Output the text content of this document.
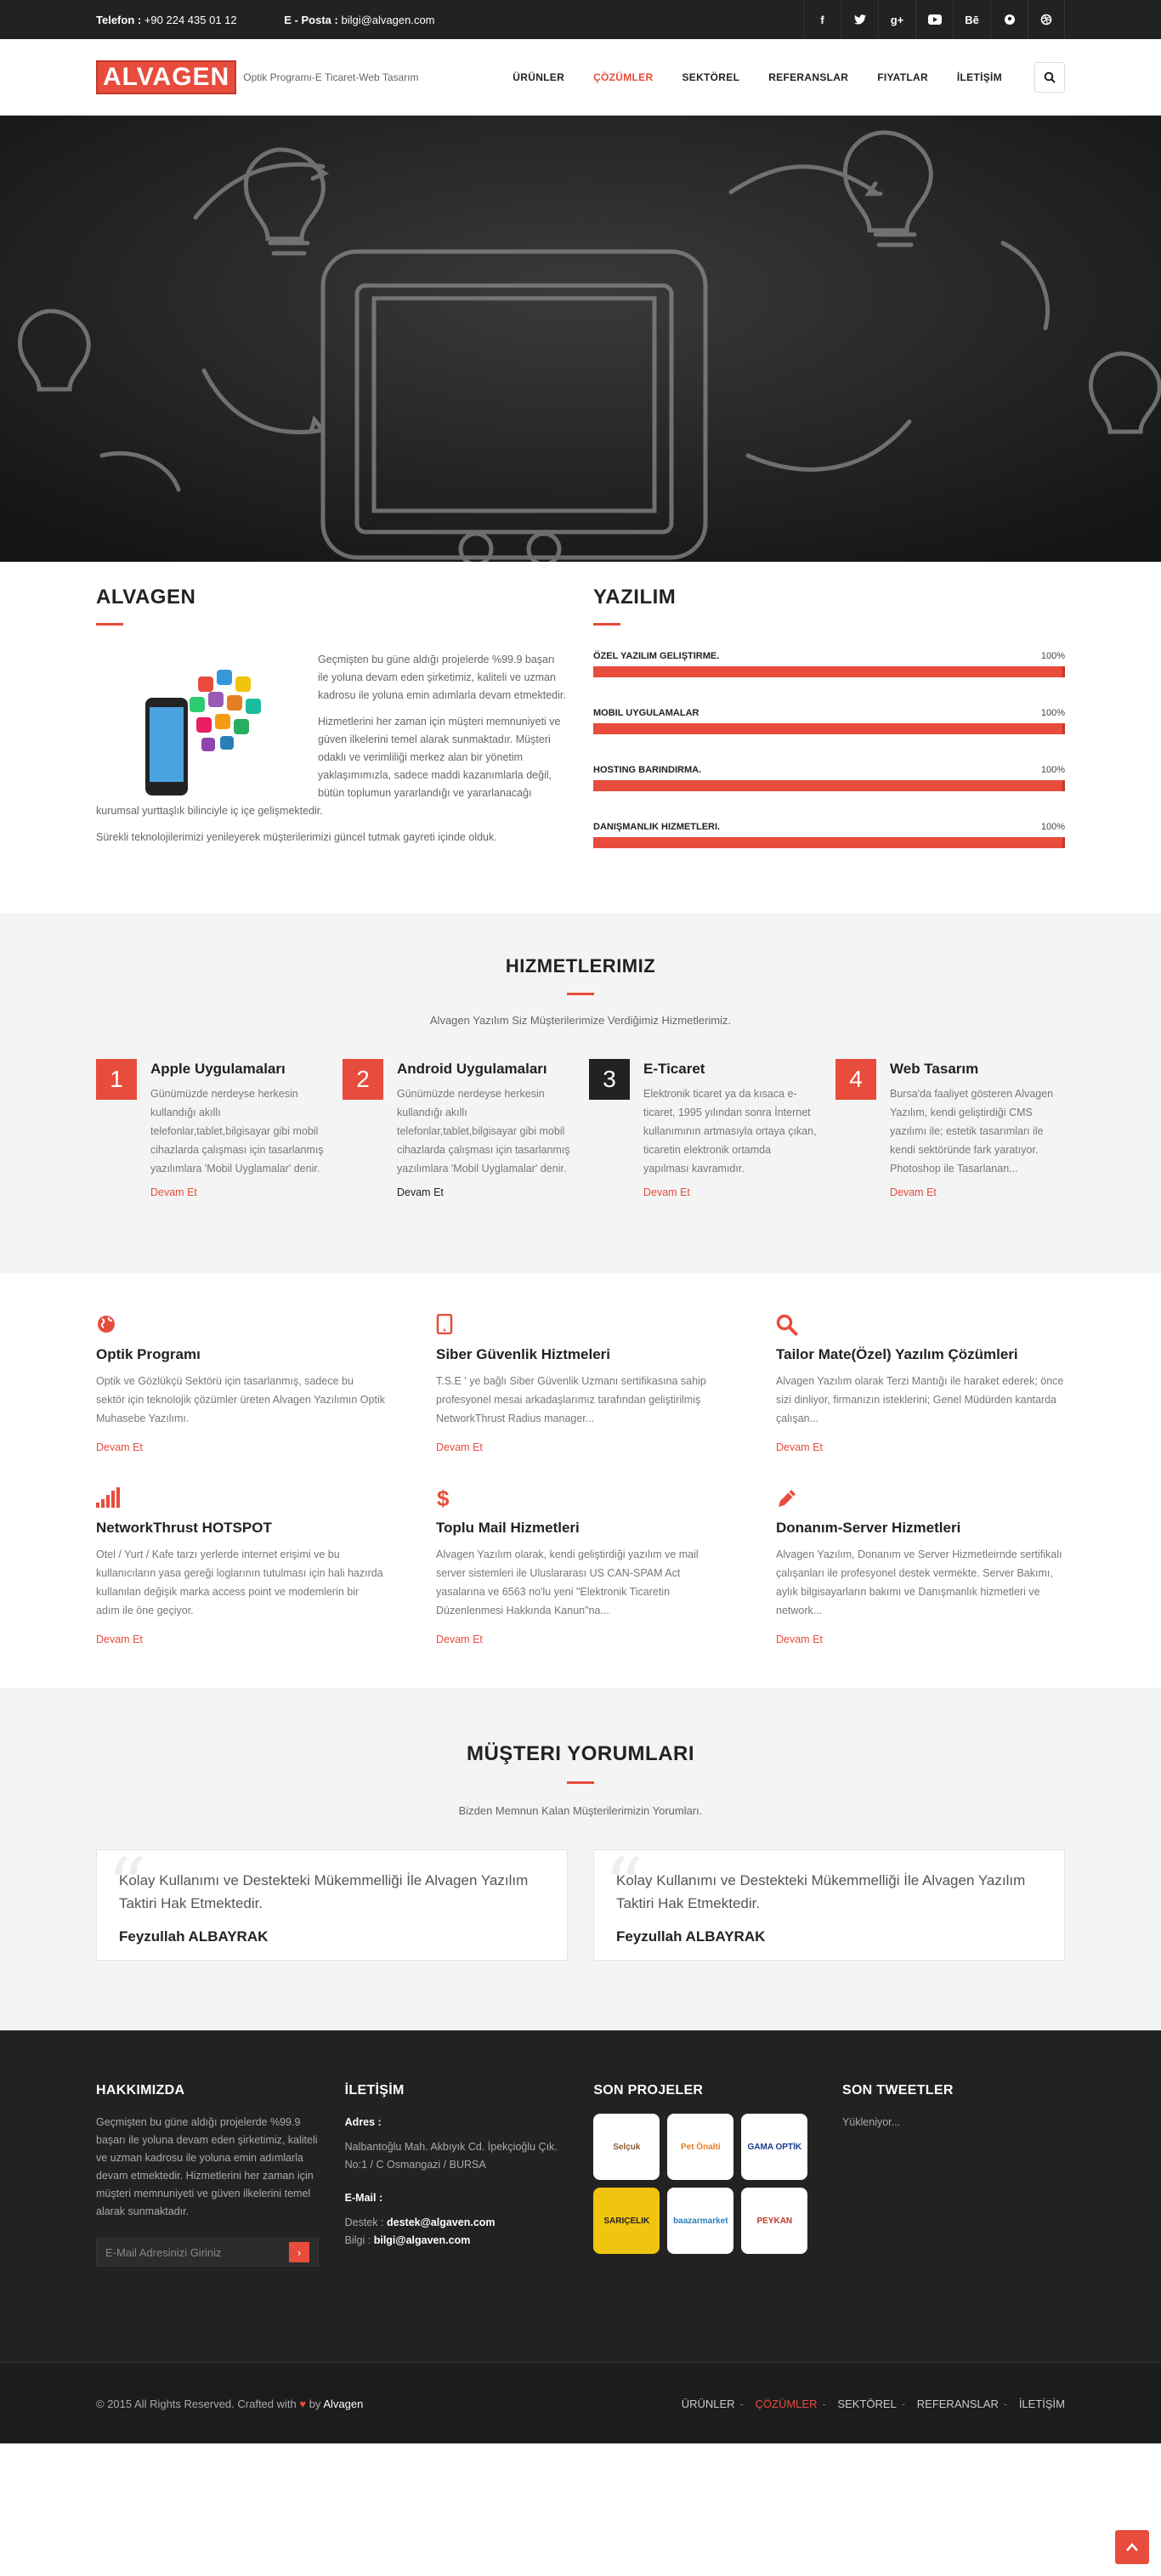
Telefon : +90 224 435 01 12	E - Posta : bilgi@alvagen.com	f	g+	Bē
ALVAGEN	Optik Programı-E Ticaret-Web Tasarım	ÜRÜNLER	ÇÖZÜMLER	SEKTÖREL	REFERANSLAR	FIYATLAR	İLETİŞİM
ALVAGEN

Geçmişten bu güne aldığı projelerde %99.9 başarı ile yoluna devam eden şirketimiz, kaliteli ve uzman kadrosu ile yoluna emin adımlarla devam etmektedir.

Hizmetlerini her zaman için müşteri memnuniyeti ve güven ilkelerini temel alarak sunmaktadır. Müşteri odaklı ve verimliliği merkez alan bir yönetim yaklaşımımızla, sadece maddi kazanımlarla değil, bütün toplumun yararlandığı ve yararlanacağı kurumsal yurttaşlık bilinciyle iç içe gelişmektedir.

Sürekli teknolojilerimizi yenileyerek müşterilerimizi güncel tutmak gayreti içinde olduk.

YAZILIM
ÖZEL YAZILIM GELIŞTIRME.	100%
MOBIL UYGULAMALAR	100%
HOSTING BARINDIRMA.	100%
DANIŞMANLIK HIZMETLERI.	100%
HIZMETLERIMIZ
Alvagen Yazılım Siz Müşterilerimize Verdiğimiz Hizmetlerimiz.
1	Apple Uygulamaları

Günümüzde nerdeyse herkesin kullandığı akıllı telefonlar,tablet,bilgisayar gibi mobil cihazlarda çalışması için tasarlanmış yazılımlara 'Mobil Uyglamalar' denir.

Devam Et
2	Android Uygulamaları

Günümüzde nerdeyse herkesin kullandığı akıllı telefonlar,tablet,bilgisayar gibi mobil cihazlarda çalışması için tasarlanmış yazılımlara 'Mobil Uyglamalar' denir.

Devam Et
3	E-Ticaret

Elektronik ticaret ya da kısaca e-ticaret, 1995 yılından sonra İnternet kullanımının artmasıyla ortaya çıkan, ticaretin elektronik ortamda yapılması kavramıdır.

Devam Et
4	Web Tasarım

Bursa'da faaliyet gösteren Alvagen Yazılım, kendi geliştirdiği CMS yazılımı ile; estetik tasarımları ile kendi sektöründe fark yaratıyor. Photoshop ile Tasarlanan...

Devam Et
Optik Programı

Optik ve Gözlükçü Sektörü için tasarlanmış, sadece bu sektör için teknolojik çözümler üreten Alvagen Yazılımın Optik Muhasebe Yazılımı.

Devam Et
Siber Güvenlik Hiztmeleri

T.S.E ' ye bağlı Siber Güvenlik Uzmanı sertifikasına sahip profesyonel mesai arkadaşlarımız tarafından geliştirilmiş NetworkThrust Radius manager...

Devam Et
Tailor Mate(Özel) Yazılım Çözümleri

Alvagen Yazılım olarak Terzi Mantığı ile haraket ederek; önce sizi dinliyor, firmanızın isteklerini; Genel Müdürden kantarda çalışan...

Devam Et
NetworkThrust HOTSPOT

Otel / Yurt / Kafe tarzı yerlerde internet erişimi ve bu kullanıcıların yasa gereği loglarının tutulması için hali hazırda kullanılan değişik marka access point ve modemlerin bir adım ile öne geçiyor.

Devam Et
$
Toplu Mail Hizmetleri

Alvagen Yazılım olarak, kendi geliştirdiği yazılım ve mail server sistemleri ile Uluslararası US CAN-SPAM Act yasalarına ve 6563 no'lu yeni "Elektronik Ticaretin Düzenlenmesi Hakkında Kanun"na...

Devam Et
Donanım-Server Hizmetleri

Alvagen Yazılım, Donanım ve Server Hizmetleirnde sertifikalı çalışanları ile profesyonel destek vermekte. Server Bakımı, aylık bilgisayarların bakımı ve Danışmanlık hizmetleri ve network...

Devam Et
MÜŞTERI YORUMLARI
Bizden Memnun Kalan Müşterilerimizin Yorumları.
“

Kolay Kullanımı ve Destekteki Mükemmelliği İle Alvagen Yazılım Taktiri Hak Etmektedir.

Feyzullah ALBAYRAK
“

Kolay Kullanımı ve Destekteki Mükemmelliği İle Alvagen Yazılım Taktiri Hak Etmektedir.

Feyzullah ALBAYRAK
HAKKIMIZDA

Geçmişten bu güne aldığı projelerde %99.9 başarı ile yoluna devam eden şirketimiz, kaliteli ve uzman kadrosu ile yoluna emin adımlarla devam etmektedir. Hizmetlerini her zaman için müşteri memnuniyeti ve güven ilkelerini temel alarak sunmaktadır.

E-Mail Adresinizi Giriniz	›
İLETİŞİM

Adres :

Nalbantoğlu Mah. Akbıyık Cd. İpekçioğlu Çık. No:1 / C Osmangazi / BURSA

E-Mail :

Destek : destek@algaven.com

Bilgi : bilgi@algaven.com

SON PROJELER
Selçuk	Pet Önalti	GAMA OPTİK
SARIÇELIK	baazarmarket	PEYKAN
SON TWEETLER

Yükleniyor...

© 2015 All Rights Reserved. Crafted with ♥ by Alvagen	ÜRÜNLER - ÇÖZÜMLER - SEKTÖREL - REFERANSLAR - İLETİŞİM
